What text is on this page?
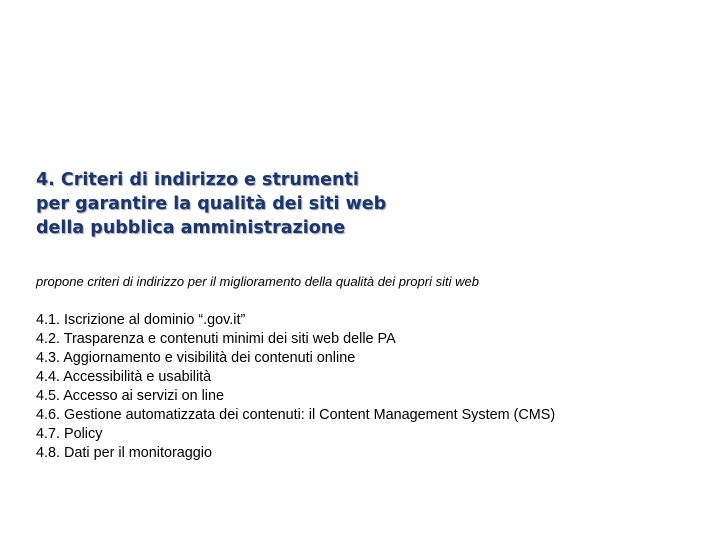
4. Criteri di indirizzo e strumenti
per garantire la qualità dei siti web
della pubblica amministrazione
propone criteri di indirizzo per il miglioramento della qualità dei propri siti web
4.1. Iscrizione al dominio “.gov.it”
4.2. Trasparenza e contenuti minimi dei siti web delle PA
4.3. Aggiornamento e visibilità dei contenuti online
4.4. Accessibilità e usabilità
4.5. Accesso ai servizi on line
4.6. Gestione automatizzata dei contenuti: il Content Management System (CMS)
4.7. Policy
4.8. Dati per il monitoraggio
